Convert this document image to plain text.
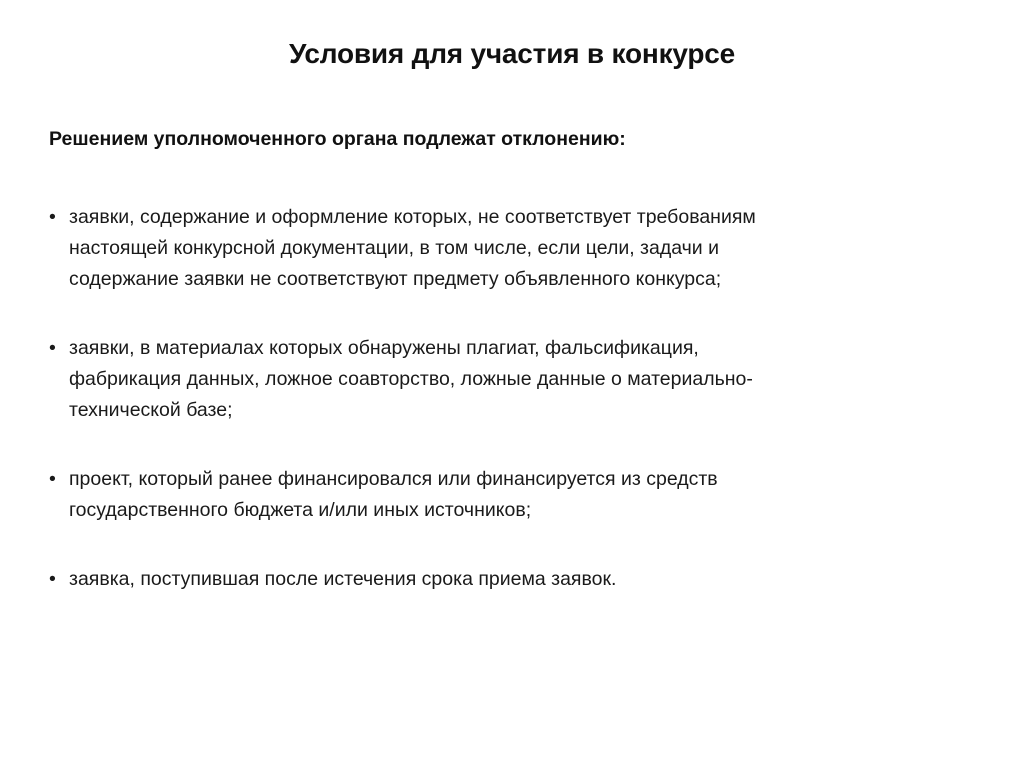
Условия для участия в конкурсе
Решением уполномоченного органа подлежат отклонению:
• заявки, содержание и оформление которых, не соответствует требованиям
настоящей конкурсной документации, в том числе, если цели, задачи и
содержание заявки не соответствуют предмету объявленного конкурса;
• заявки, в материалах которых обнаружены плагиат, фальсификация,
фабрикация данных, ложное соавторство, ложные данные о материально-
технической базе;
• проект, который ранее финансировался или финансируется из средств
государственного бюджета и/или иных источников;
• заявка, поступившая после истечения срока приема заявок.
